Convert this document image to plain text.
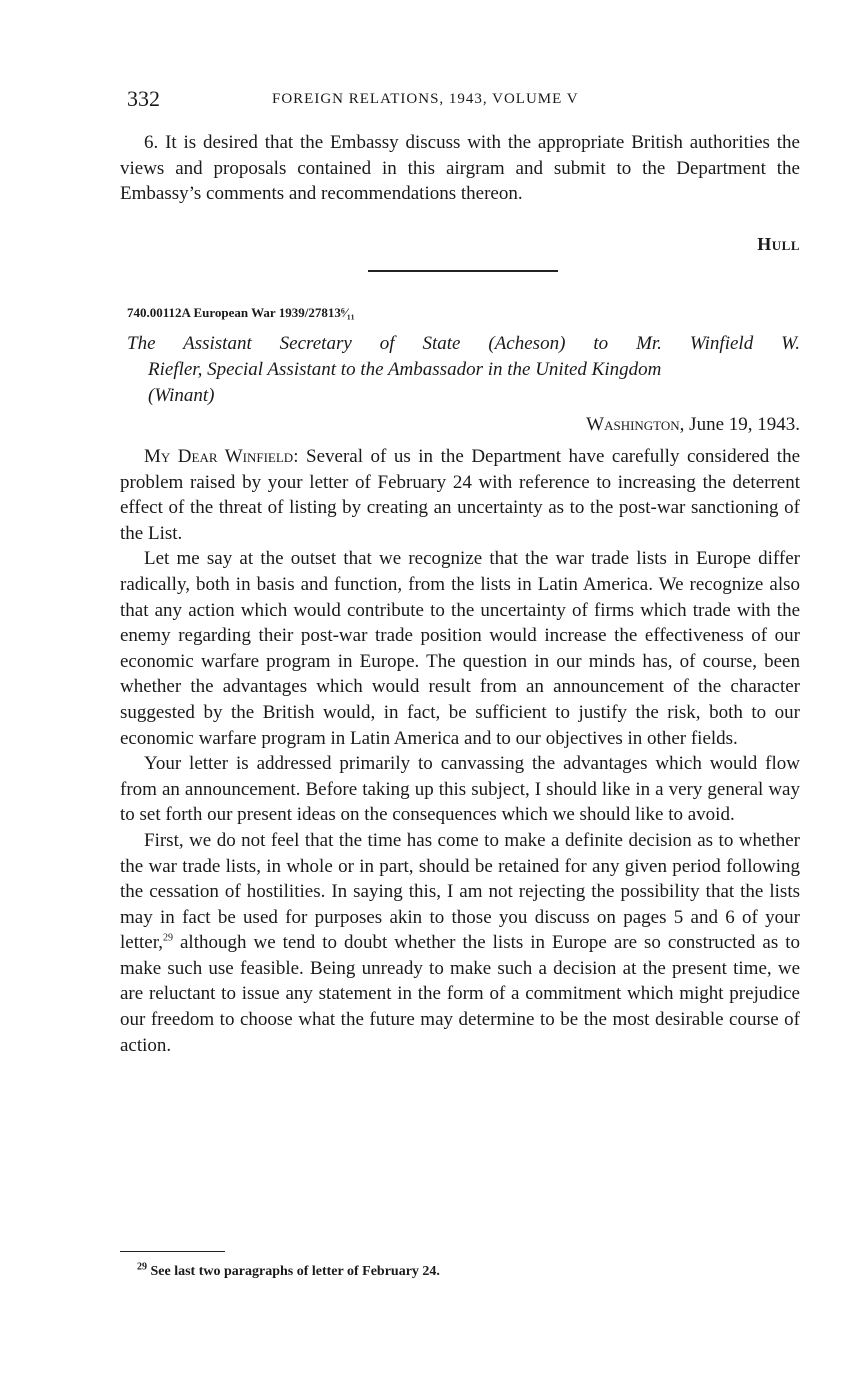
332	FOREIGN RELATIONS, 1943, VOLUME V

6. It is desired that the Embassy discuss with the appropriate British authorities the views and proposals contained in this airgram and submit to the Department the Embassy’s comments and recommendations thereon.

Hull
740.00112A European War 1939/27813⁶⁄₁₁
The Assistant Secretary of State (Acheson) to Mr. Winfield W.
Riefler, Special Assistant to the Ambassador in the United Kingdom
(Winant)
Washington, June 19, 1943.

My Dear Winfield: Several of us in the Department have carefully considered the problem raised by your letter of February 24 with reference to increasing the deterrent effect of the threat of listing by creating an uncertainty as to the post-war sanctioning of the List.

Let me say at the outset that we recognize that the war trade lists in Europe differ radically, both in basis and function, from the lists in Latin America. We recognize also that any action which would contribute to the uncertainty of firms which trade with the enemy regarding their post-war trade position would increase the effectiveness of our economic warfare program in Europe. The question in our minds has, of course, been whether the advantages which would result from an announcement of the character suggested by the British would, in fact, be sufficient to justify the risk, both to our economic warfare program in Latin America and to our objectives in other fields.

Your letter is addressed primarily to canvassing the advantages which would flow from an announcement. Before taking up this subject, I should like in a very general way to set forth our present ideas on the consequences which we should like to avoid.

First, we do not feel that the time has come to make a definite decision as to whether the war trade lists, in whole or in part, should be retained for any given period following the cessation of hostilities. In saying this, I am not rejecting the possibility that the lists may in fact be used for purposes akin to those you discuss on pages 5 and 6 of your letter,$^{29}$ although we tend to doubt whether the lists in Europe are so constructed as to make such use feasible. Being unready to make such a decision at the present time, we are reluctant to issue any statement in the form of a commitment which might prejudice our freedom to choose what the future may determine to be the most desirable course of action.

$^{29}$ See last two paragraphs of letter of February 24.
